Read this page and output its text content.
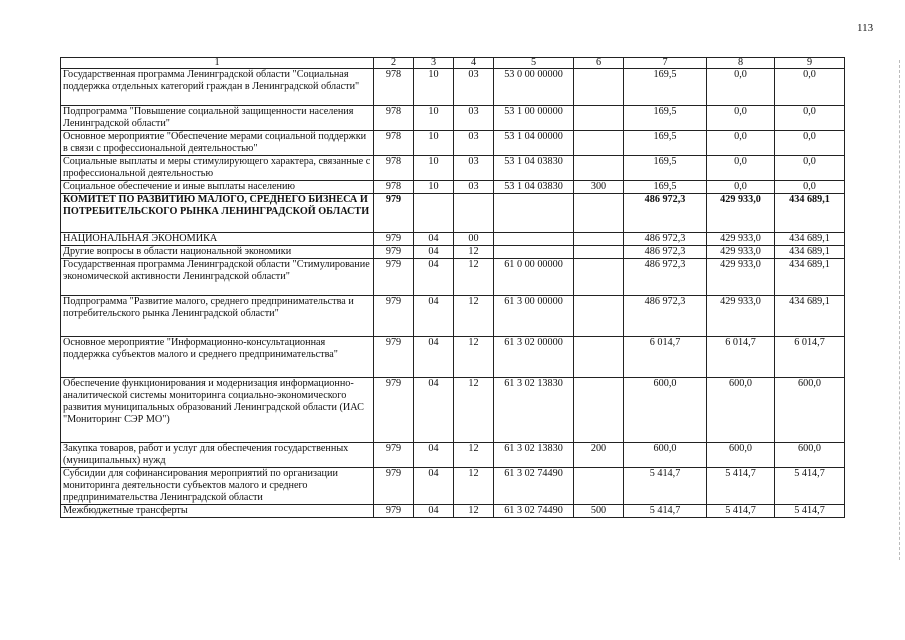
113
1	2	3	4	5	6	7	8	9
Государственная программа Ленинградской области "Социальная поддержка отдельных категорий граждан в Ленинградской области"	978	10	03	53 0 00 00000		169,5	0,0	0,0
Подпрограмма "Повышение социальной защищенности населения Ленинградской области"	978	10	03	53 1 00 00000		169,5	0,0	0,0
Основное мероприятие "Обеспечение мерами социальной поддержки в связи с профессиональной деятельностью"	978	10	03	53 1 04 00000		169,5	0,0	0,0
Социальные выплаты и меры стимулирующего характера, связанные с профессиональной деятельностью	978	10	03	53 1 04 03830		169,5	0,0	0,0
Социальное обеспечение и иные выплаты населению	978	10	03	53 1 04 03830	300	169,5	0,0	0,0
КОМИТЕТ ПО РАЗВИТИЮ МАЛОГО, СРЕДНЕГО БИЗНЕСА И ПОТРЕБИТЕЛЬСКОГО РЫНКА ЛЕНИНГРАДСКОЙ ОБЛАСТИ	979					486 972,3	429 933,0	434 689,1
НАЦИОНАЛЬНАЯ ЭКОНОМИКА	979	04	00			486 972,3	429 933,0	434 689,1
Другие вопросы в области национальной экономики	979	04	12			486 972,3	429 933,0	434 689,1
Государственная программа Ленинградской области "Стимулирование экономической активности Ленинградской области"	979	04	12	61 0 00 00000		486 972,3	429 933,0	434 689,1
Подпрограмма "Развитие малого, среднего предпринимательства и потребительского рынка Ленинградской области"	979	04	12	61 3 00 00000		486 972,3	429 933,0	434 689,1
Основное мероприятие "Информационно-консультационная поддержка субъектов малого и среднего предпринимательства"	979	04	12	61 3 02 00000		6 014,7	6 014,7	6 014,7
Обеспечение функционирования и модернизация информационно-аналитической системы мониторинга социально-экономического развития муниципальных образований Ленинградской области (ИАС "Мониторинг СЭР МО")	979	04	12	61 3 02 13830		600,0	600,0	600,0
Закупка товаров, работ и услуг для обеспечения государственных (муниципальных) нужд	979	04	12	61 3 02 13830	200	600,0	600,0	600,0
Субсидии для софинансирования мероприятий по организации мониторинга деятельности субъектов малого и среднего предпринимательства Ленинградской области	979	04	12	61 3 02 74490		5 414,7	5 414,7	5 414,7
Межбюджетные трансферты	979	04	12	61 3 02 74490	500	5 414,7	5 414,7	5 414,7
